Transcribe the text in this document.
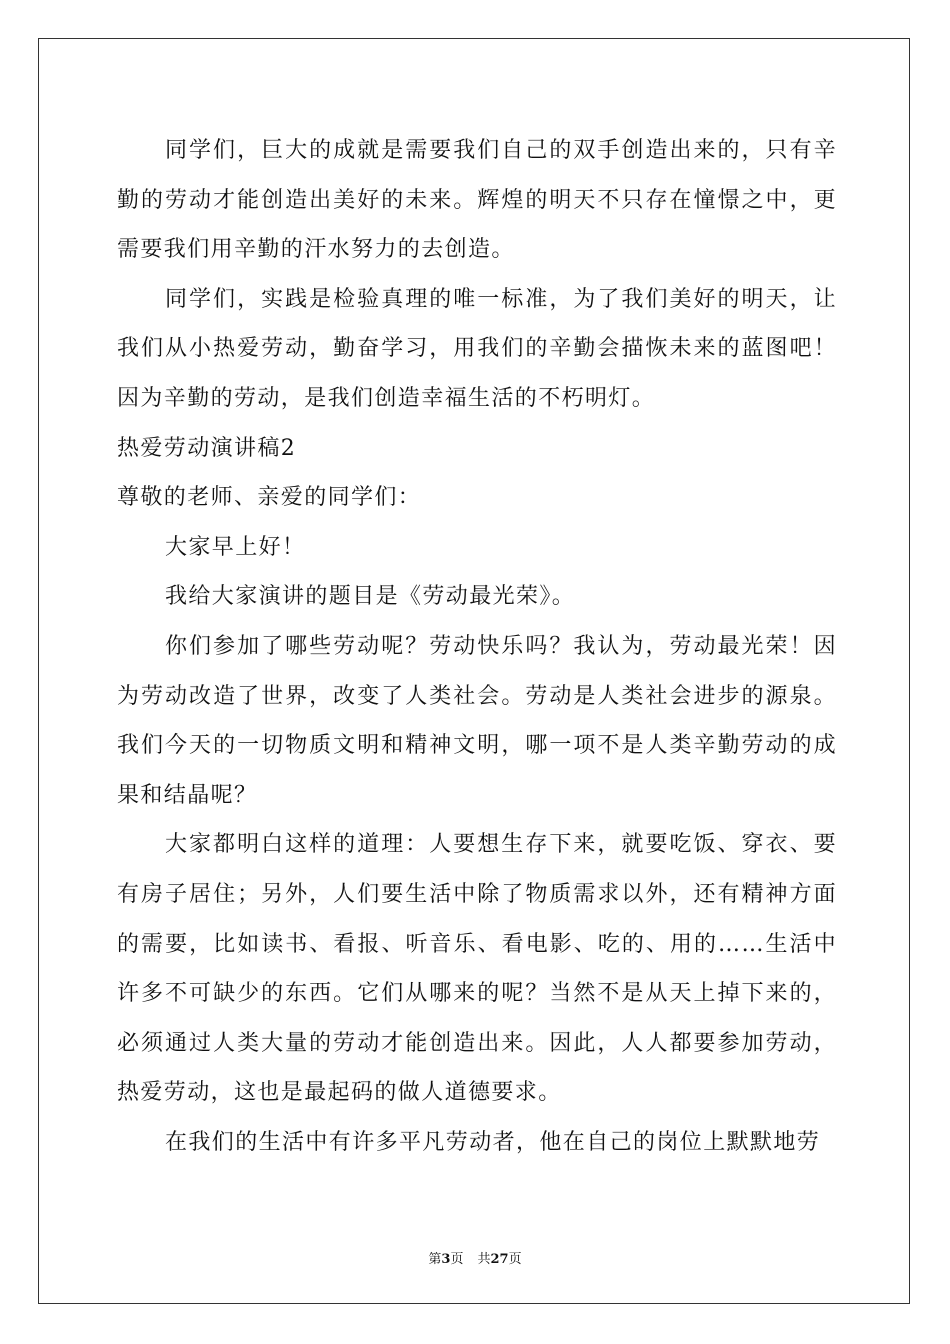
同学们，巨大的成就是需要我们自己的双手创造出来的，只有辛勤的劳动才能创造出美好的未来。辉煌的明天不只存在憧憬之中，更需要我们用辛勤的汗水努力的去创造。

同学们，实践是检验真理的唯一标准，为了我们美好的明天，让我们从小热爱劳动，勤奋学习，用我们的辛勤会描恢未来的蓝图吧！因为辛勤的劳动，是我们创造幸福生活的不朽明灯。

热爱劳动演讲稿2

尊敬的老师、亲爱的同学们：

大家早上好！

我给大家演讲的题目是《劳动最光荣》。

你们参加了哪些劳动呢？劳动快乐吗？我认为，劳动最光荣！因为劳动改造了世界，改变了人类社会。劳动是人类社会进步的源泉。我们今天的一切物质文明和精神文明，哪一项不是人类辛勤劳动的成果和结晶呢？

大家都明白这样的道理：人要想生存下来，就要吃饭、穿衣、要有房子居住；另外，人们要生活中除了物质需求以外，还有精神方面的需要，比如读书、看报、听音乐、看电影、吃的、用的……生活中许多不可缺少的东西。它们从哪来的呢？当然不是从天上掉下来的，必须通过人类大量的劳动才能创造出来。因此，人人都要参加劳动，热爱劳动，这也是最起码的做人道德要求。

在我们的生活中有许多平凡劳动者，他在自己的岗位上默默地劳

第3页 共27页
